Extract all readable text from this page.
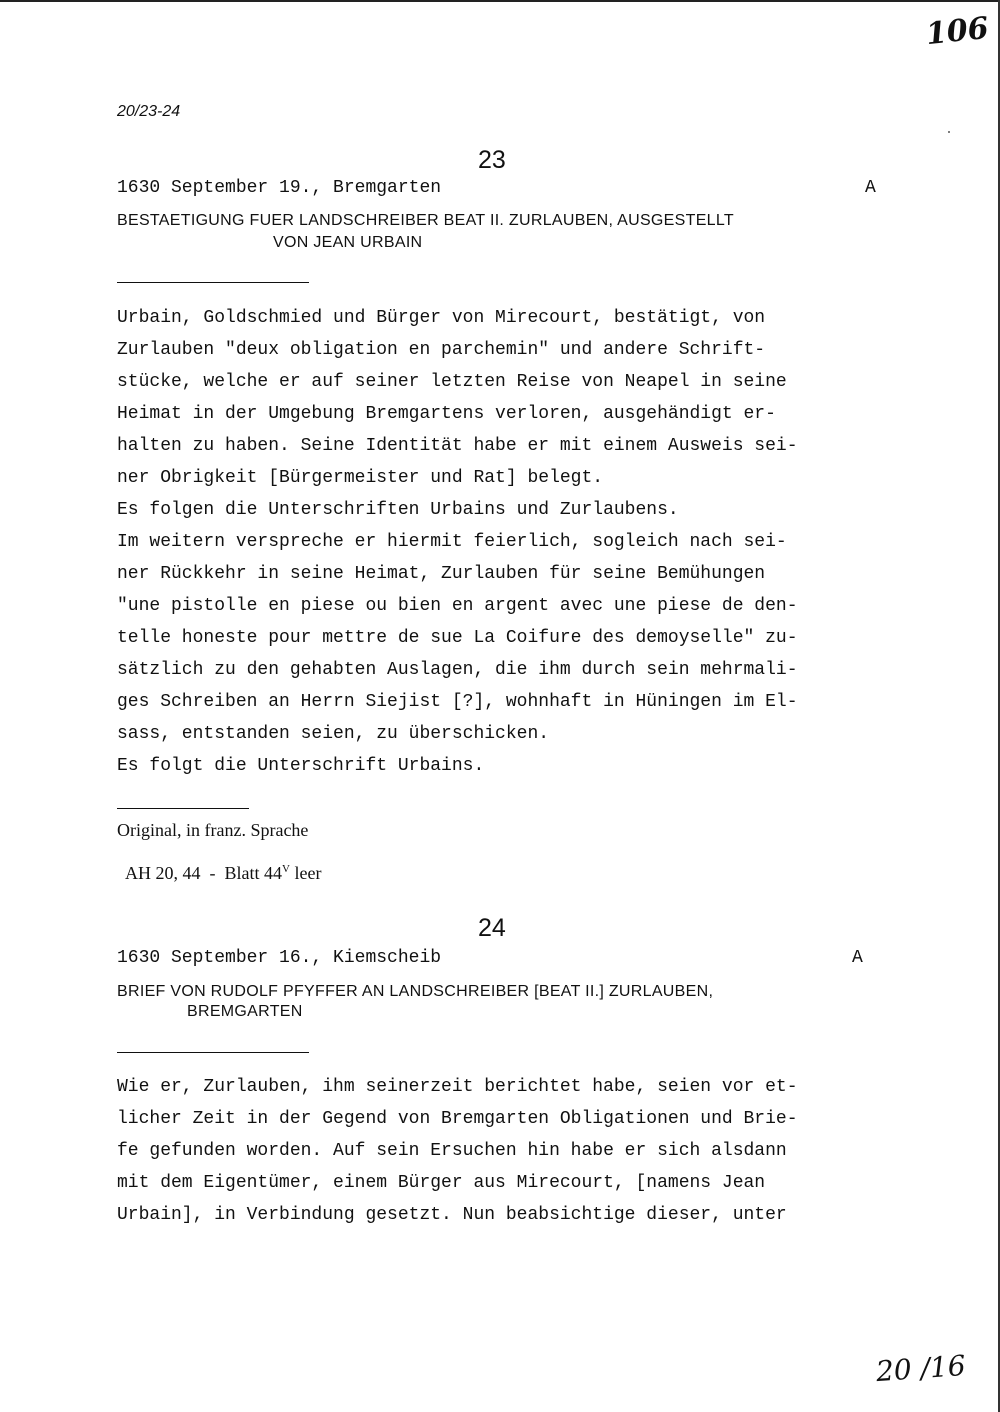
106
20/23-24
23
1630 September 19., Bremgarten	A
BESTAETIGUNG FUER LANDSCHREIBER BEAT II. ZURLAUBEN, AUSGESTELLT
VON JEAN URBAIN
Urbain, Goldschmied und Bürger von Mirecourt, bestätigt, von
Zurlauben "deux obligation en parchemin" und andere Schrift-
stücke, welche er auf seiner letzten Reise von Neapel in seine
Heimat in der Umgebung Bremgartens verloren, ausgehändigt er-
halten zu haben. Seine Identität habe er mit einem Ausweis sei-
ner Obrigkeit [Bürgermeister und Rat] belegt.
Es folgen die Unterschriften Urbains und Zurlaubens.
Im weitern verspreche er hiermit feierlich, sogleich nach sei-
ner Rückkehr in seine Heimat, Zurlauben für seine Bemühungen
"une pistolle en piese ou bien en argent avec une piese de den-
telle honeste pour mettre de sue La Coifure des demoyselle" zu-
sätzlich zu den gehabten Auslagen, die ihm durch sein mehrmali-
ges Schreiben an Herrn Siejist [?], wohnhaft in Hüningen im El-
sass, entstanden seien, zu überschicken.
Es folgt die Unterschrift Urbains.
Original, in franz. Sprache

AH 20, 44  -  Blatt $44^V$ leer

24
1630 September 16., Kiemscheib	A
BRIEF VON RUDOLF PFYFFER AN LANDSCHREIBER [BEAT II.] ZURLAUBEN,
BREMGARTEN
Wie er, Zurlauben, ihm seinerzeit berichtet habe, seien vor et-
licher Zeit in der Gegend von Bremgarten Obligationen und Brie-
fe gefunden worden. Auf sein Ersuchen hin habe er sich alsdann
mit dem Eigentümer, einem Bürger aus Mirecourt, [namens Jean
Urbain], in Verbindung gesetzt. Nun beabsichtige dieser, unter
20 /16
